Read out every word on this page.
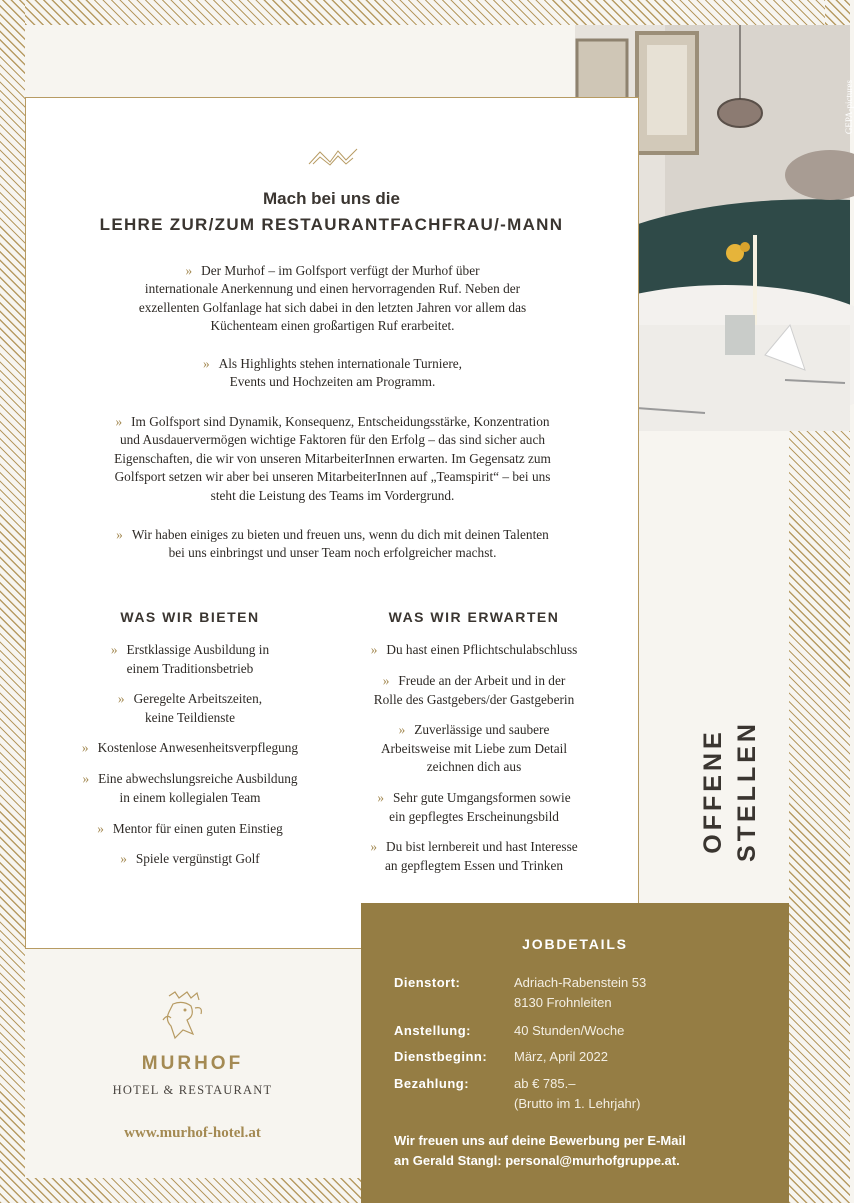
GEPA-pictures
Mach bei uns die
LEHRE ZUR/ZUM RESTAURANTFACHFRAU/-MANN
» Der Murhof – im Golfsport verfügt der Murhof über
internationale Anerkennung und einen hervorragenden Ruf. Neben der
exzellenten Golfanlage hat sich dabei in den letzten Jahren vor allem das
Küchenteam einen großartigen Ruf erarbeitet.
» Als Highlights stehen internationale Turniere,
Events und Hochzeiten am Programm.
» Im Golfsport sind Dynamik, Konsequenz, Entscheidungsstärke, Konzentration
und Ausdauervermögen wichtige Faktoren für den Erfolg – das sind sicher auch
Eigenschaften, die wir von unseren MitarbeiterInnen erwarten. Im Gegensatz zum
Golfsport setzen wir aber bei unseren MitarbeiterInnen auf „Teamspirit“ – bei uns
steht die Leistung des Teams im Vordergrund.
» Wir haben einiges zu bieten und freuen uns, wenn du dich mit deinen Talenten
bei uns einbringst und unser Team noch erfolgreicher machst.
WAS WIR BIETEN
» Erstklassige Ausbildung in
einem Traditionsbetrieb
» Geregelte Arbeitszeiten,
keine Teildienste
» Kostenlose Anwesenheitsverpflegung
» Eine abwechslungsreiche Ausbildung
in einem kollegialen Team
» Mentor für einen guten Einstieg
» Spiele vergünstigt Golf
WAS WIR ERWARTEN
» Du hast einen Pflichtschulabschluss
» Freude an der Arbeit und in der
Rolle des Gastgebers/der Gastgeberin
» Zuverlässige und saubere
Arbeitsweise mit Liebe zum Detail
zeichnen dich aus
» Sehr gute Umgangsformen sowie
ein gepflegtes Erscheinungsbild
» Du bist lernbereit und hast Interesse
an gepflegtem Essen und Trinken
OFFENE STELLEN
MURHOF
HOTEL & RESTAURANT
www.murhof-hotel.at
JOBDETAILS
Dienstort:	Adriach-Rabenstein 53
8130 Frohnleiten
Anstellung:	40 Stunden/Woche
Dienstbeginn: März, April 2022
Bezahlung:	ab € 785.–
(Brutto im 1. Lehrjahr)
Wir freuen uns auf deine Bewerbung per E-Mail
an Gerald Stangl: personal@murhofgruppe.at.
